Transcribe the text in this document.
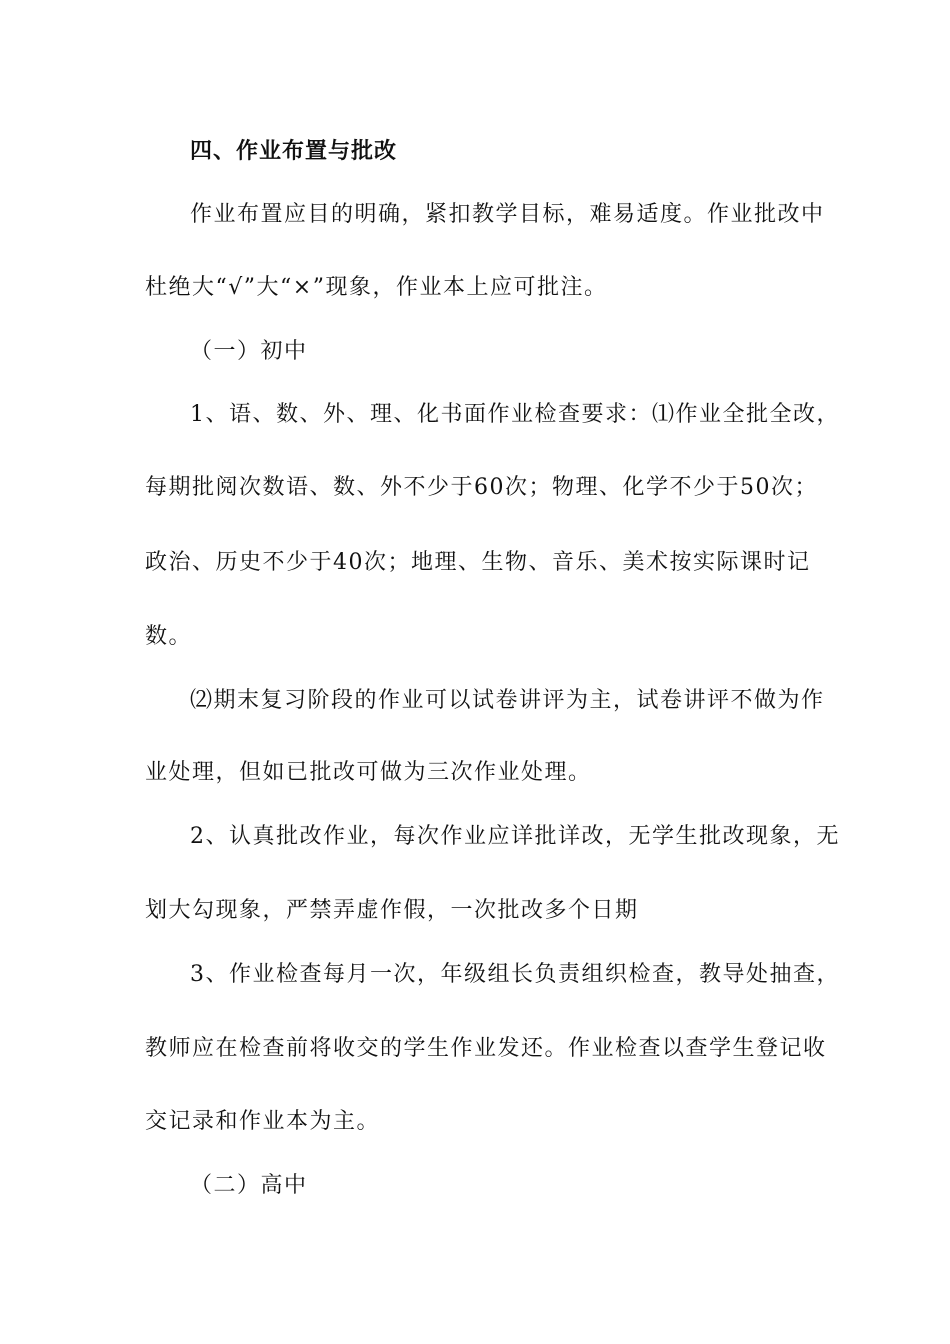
四、作业布置与批改
作业布置应目的明确，紧扣教学目标，难易适度。作业批改中
杜绝大“√”大“×”现象，作业本上应可批注。
（一）初中
1、语、数、外、理、化书面作业检查要求：⑴作业全批全改，
每期批阅次数语、数、外不少于60次；物理、化学不少于50次；
政治、历史不少于40次；地理、生物、音乐、美术按实际课时记
数。
⑵期末复习阶段的作业可以试卷讲评为主，试卷讲评不做为作
业处理，但如已批改可做为三次作业处理。
2、认真批改作业，每次作业应详批详改，无学生批改现象，无
划大勾现象，严禁弄虚作假，一次批改多个日期
3、作业检查每月一次，年级组长负责组织检查，教导处抽查，
教师应在检查前将收交的学生作业发还。作业检查以查学生登记收
交记录和作业本为主。
（二）高中
